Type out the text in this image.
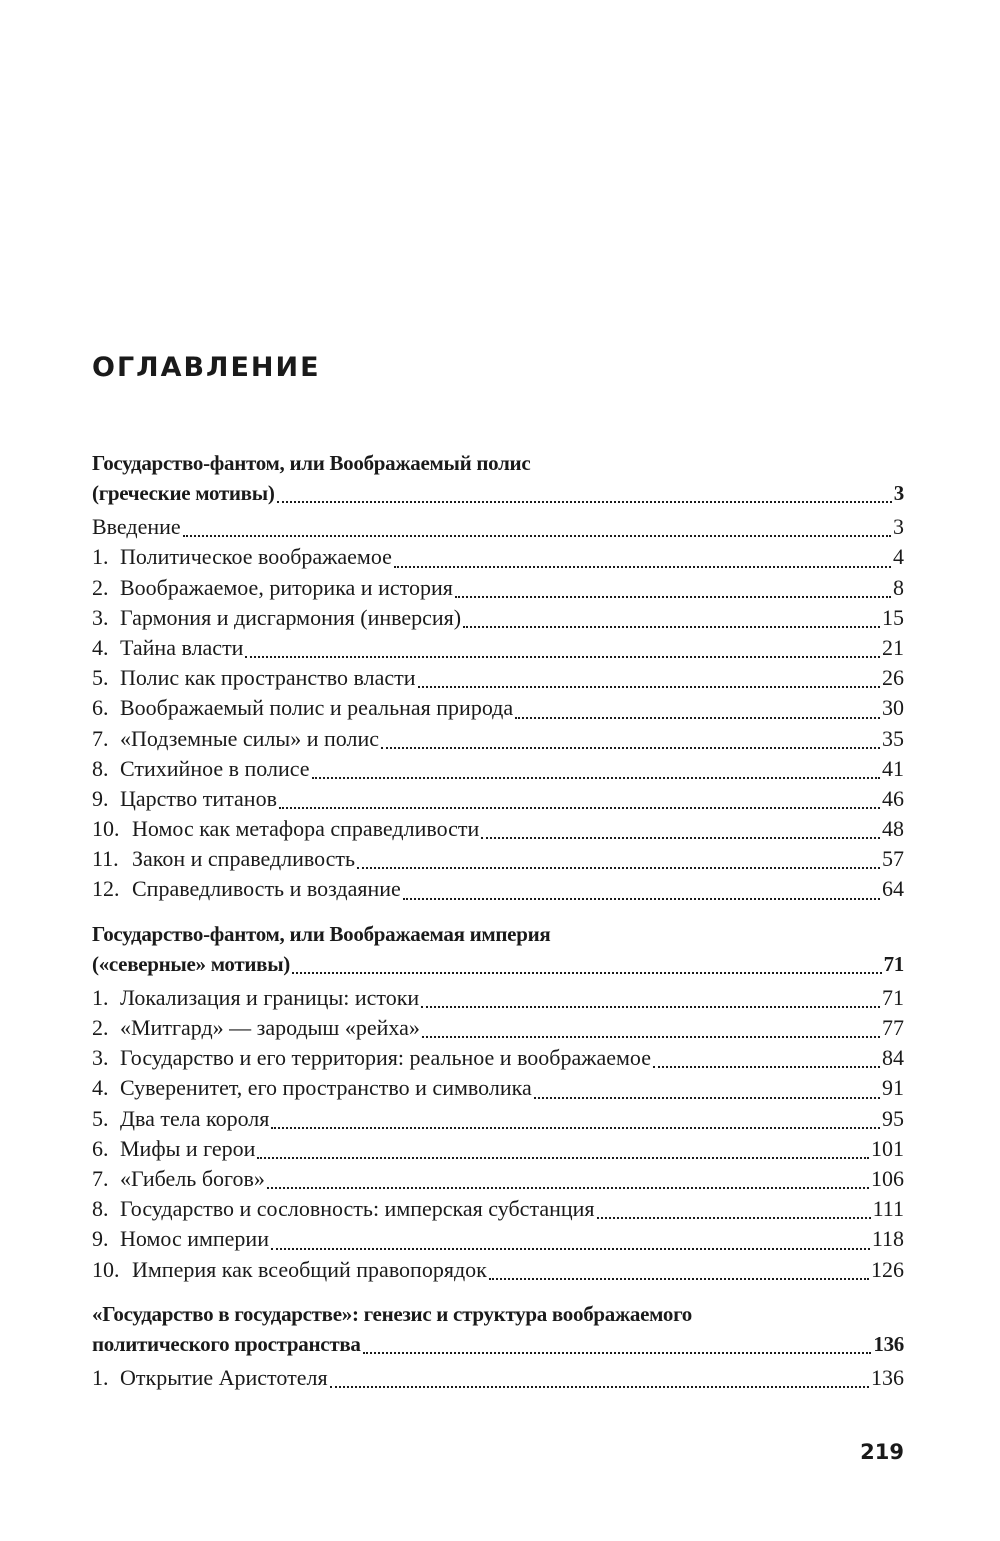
ОГЛАВЛЕНИЕ
Государство-фантом, или Воображаемый полис
(греческие мотивы)	3
Введение	3
1. Политическое воображаемое	4
2. Воображаемое, риторика и история	8
3. Гармония и дисгармония (инверсия)	15
4. Тайна власти	21
5. Полис как пространство власти	26
6. Воображаемый полис и реальная природа	30
7. «Подземные силы» и полис	35
8. Стихийное в полисе	41
9. Царство титанов	46
10. Номос как метафора справедливости	48
11. Закон и справедливость	57
12. Справедливость и воздаяние	64
Государство-фантом, или Воображаемая империя
(«северные» мотивы)	71
1. Локализация и границы: истоки	71
2. «Митгард» — зародыш «рейха»	77
3. Государство и его территория: реальное и воображаемое	84
4. Суверенитет, его пространство и символика	91
5. Два тела короля	95
6. Мифы и герои	101
7. «Гибель богов»	106
8. Государство и сословность: имперская субстанция	111
9. Номос империи	118
10. Империя как всеобщий правопорядок	126
«Государство в государстве»: генезис и структура воображаемого
политического пространства	136
1. Открытие Аристотеля	136
219
